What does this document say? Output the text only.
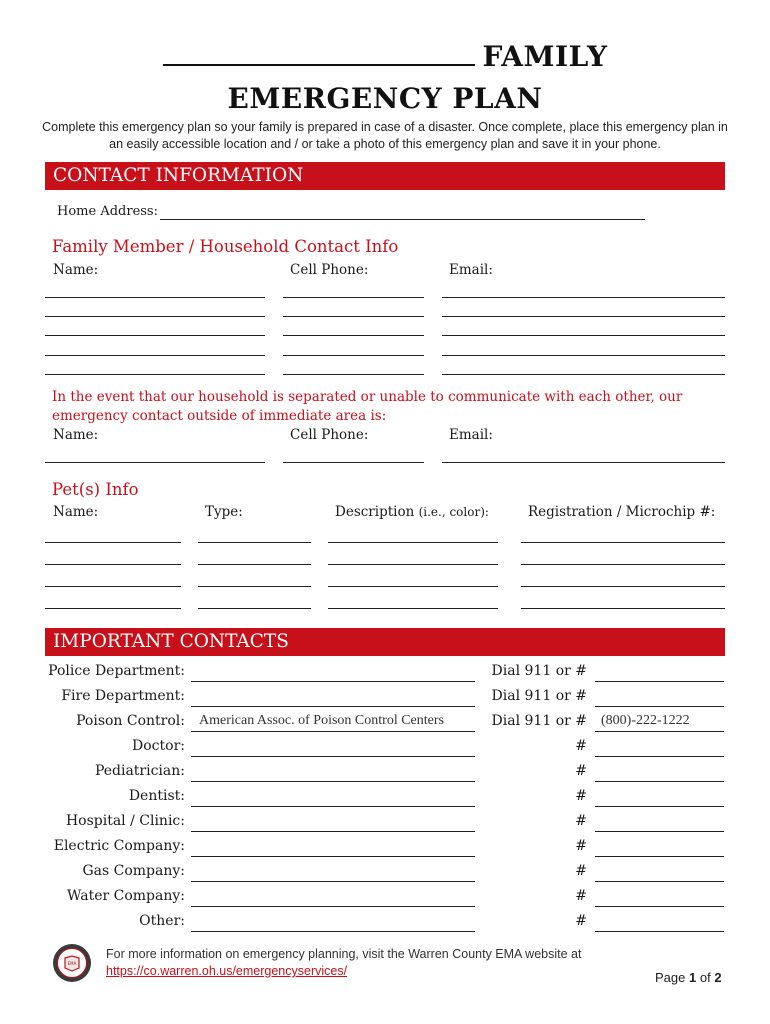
FAMILY
EMERGENCY PLAN
Complete this emergency plan so your family is prepared in case of a disaster. Once complete, place this emergency plan in an easily accessible location and / or take a photo of this emergency plan and save it in your phone.
CONTACT INFORMATION
Home Address:
Family Member / Household Contact Info
Name:	Cell Phone:	Email:
In the event that our household is separated or unable to communicate with each other, our emergency contact outside of immediate area is:
Name:	Cell Phone:	Email:
Pet(s) Info
Name:	Type:	Description (i.e., color):	Registration / Microchip #:
IMPORTANT CONTACTS
Police Department:	Dial 911 or #
Fire Department:	Dial 911 or #
Poison Control: American Assoc. of Poison Control Centers	Dial 911 or # (800)-222-1222
Doctor:	#
Pediatrician:	#
Dentist:	#
Hospital / Clinic:	#
Electric Company:	#
Gas Company:	#
Water Company:	#
Other:	#
EMA
For more information on emergency planning, visit the Warren County EMA website at
https://co.warren.oh.us/emergencyservices/	Page 1 of 2
